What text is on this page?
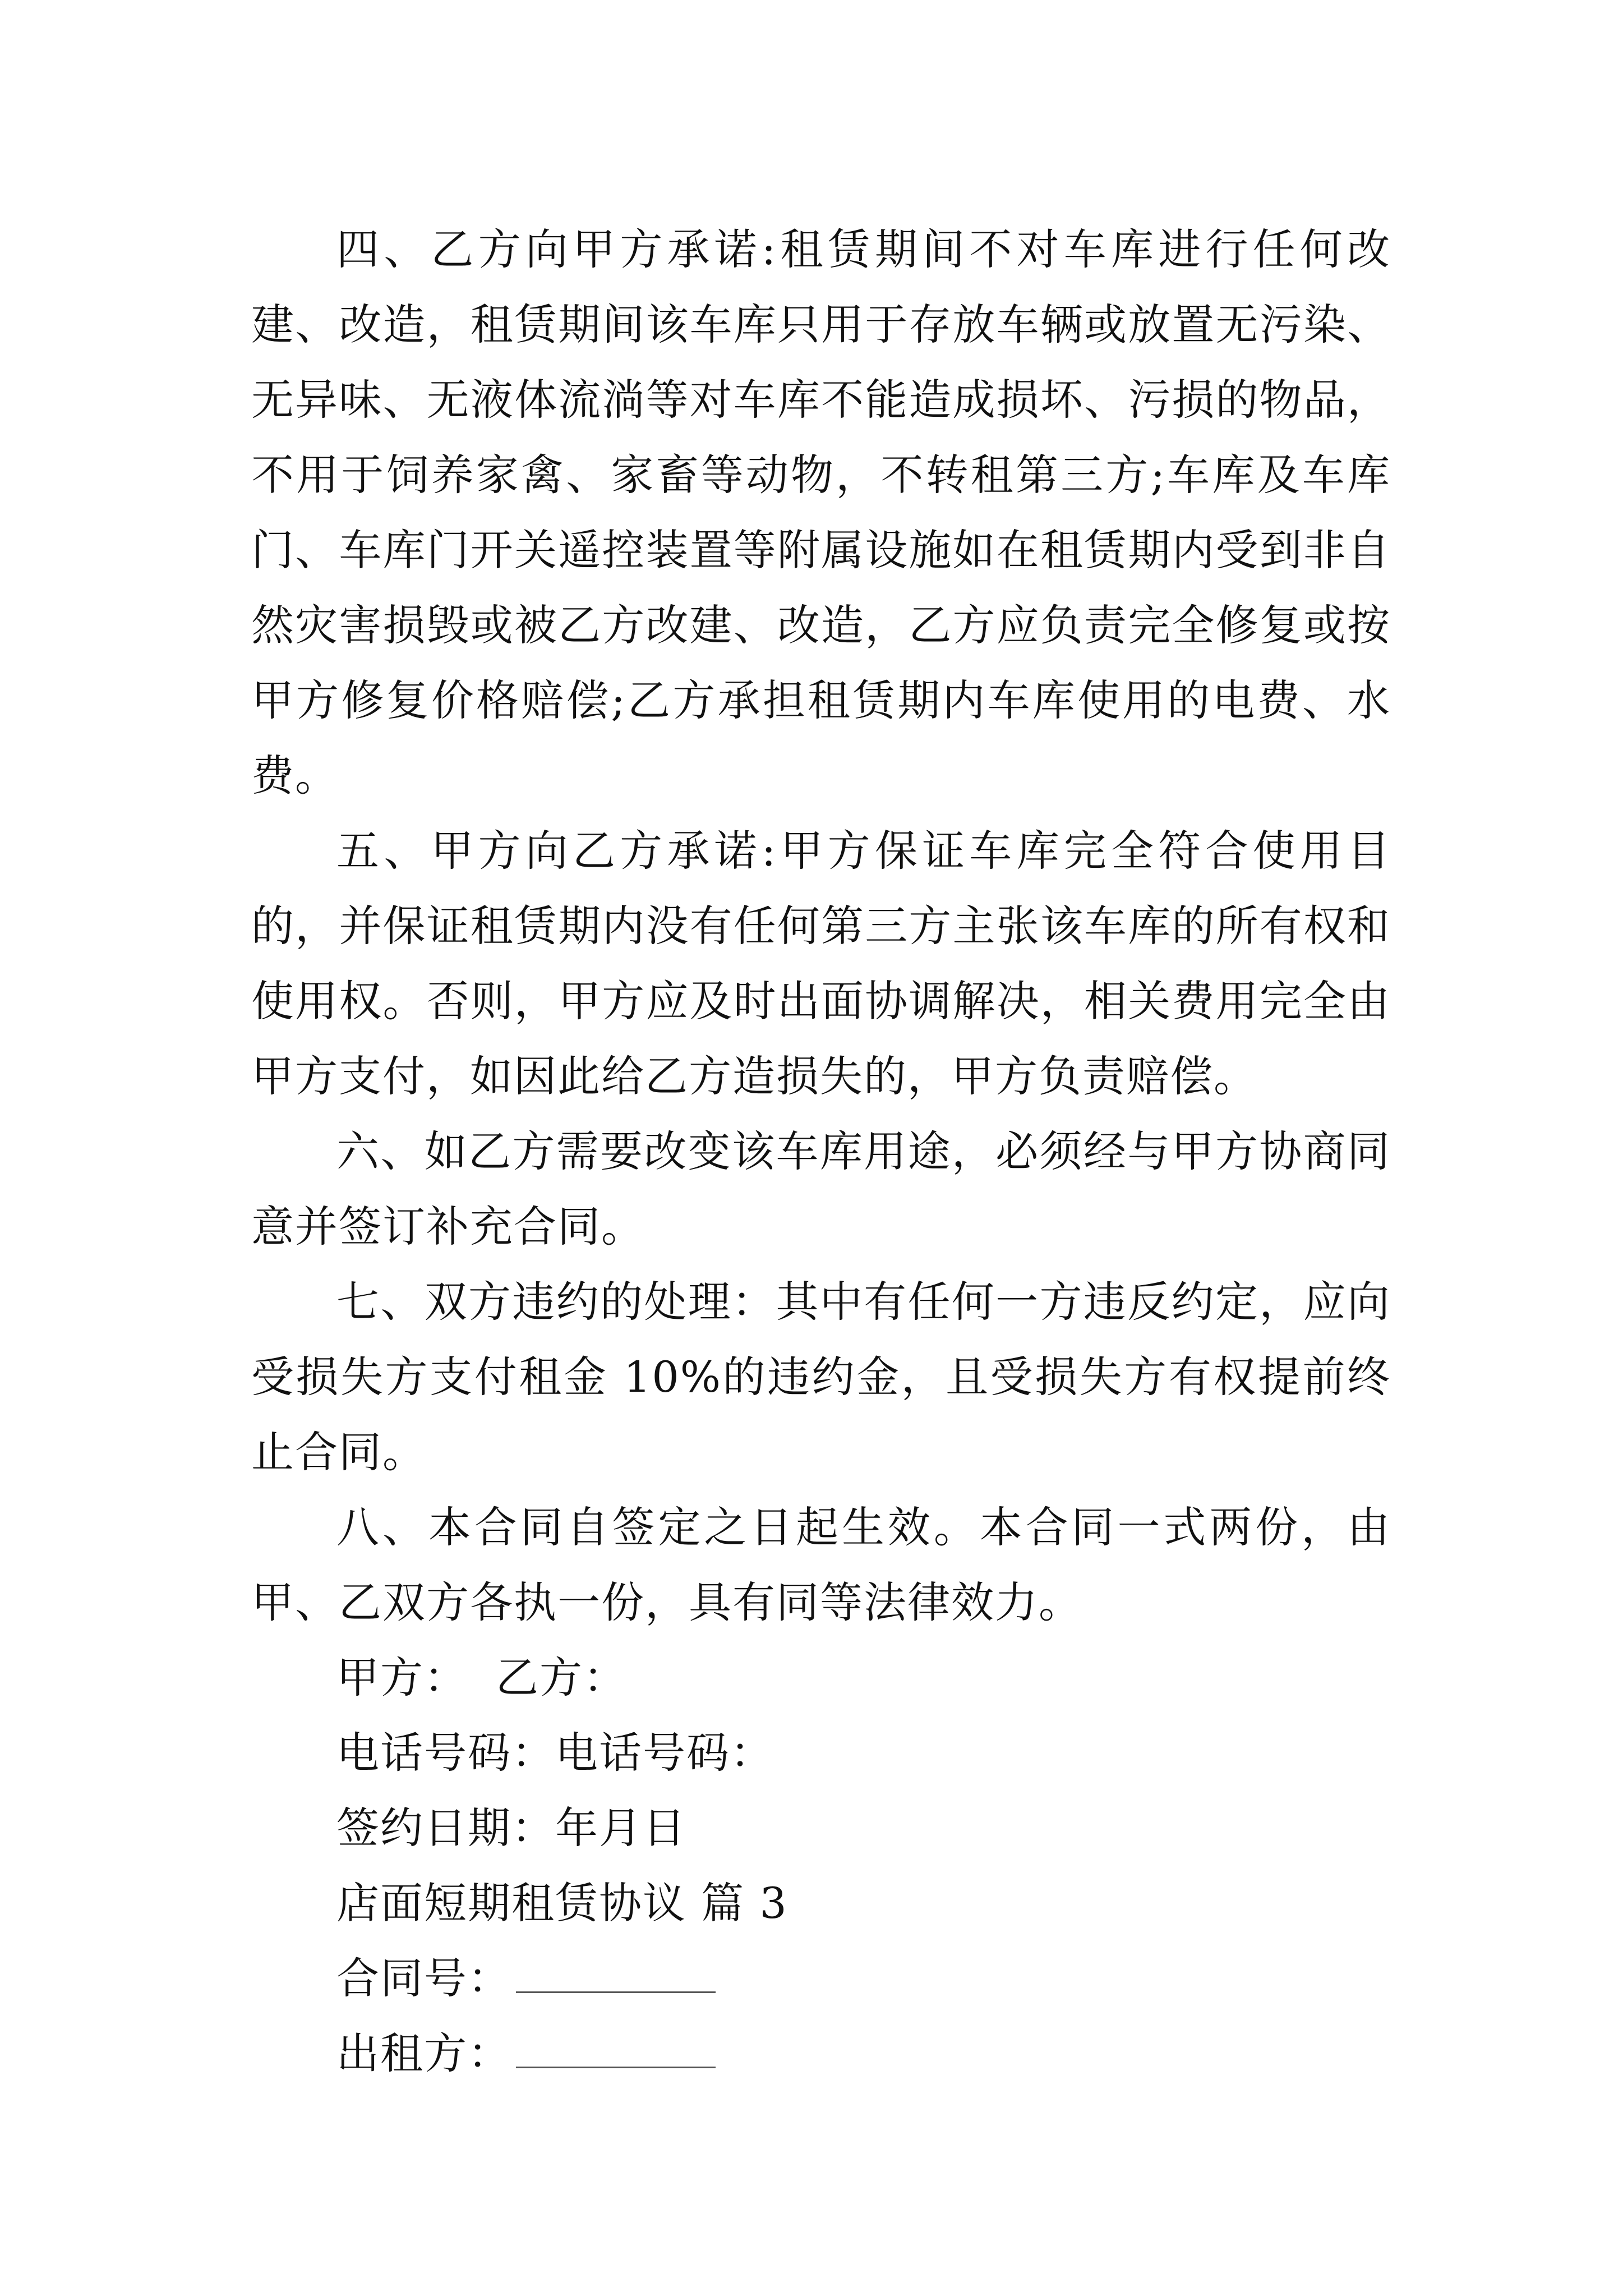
四、乙方向甲方承诺:租赁期间不对车库进行任何改建、改造，租赁期间该车库只用于存放车辆或放置无污染、无异味、无液体流淌等对车库不能造成损坏、污损的物品，不用于饲养家禽、家畜等动物，不转租第三方;车库及车库门、车库门开关遥控装置等附属设施如在租赁期内受到非自然灾害损毁或被乙方改建、改造，乙方应负责完全修复或按甲方修复价格赔偿;乙方承担租赁期内车库使用的电费、水费。

五、甲方向乙方承诺:甲方保证车库完全符合使用目的，并保证租赁期内没有任何第三方主张该车库的所有权和使用权。否则，甲方应及时出面协调解决，相关费用完全由甲方支付，如因此给乙方造损失的，甲方负责赔偿。

六、如乙方需要改变该车库用途，必须经与甲方协商同意并签订补充合同。

七、双方违约的处理：其中有任何一方违反约定，应向受损失方支付租金 10%的违约金，且受损失方有权提前终止合同。

八、本合同自签定之日起生效。本合同一式两份，由甲、乙双方各执一份，具有同等法律效力。

甲方： 乙方：

电话号码：电话号码：

签约日期：年月日

店面短期租赁协议 篇 3

合同号：

出租方：
